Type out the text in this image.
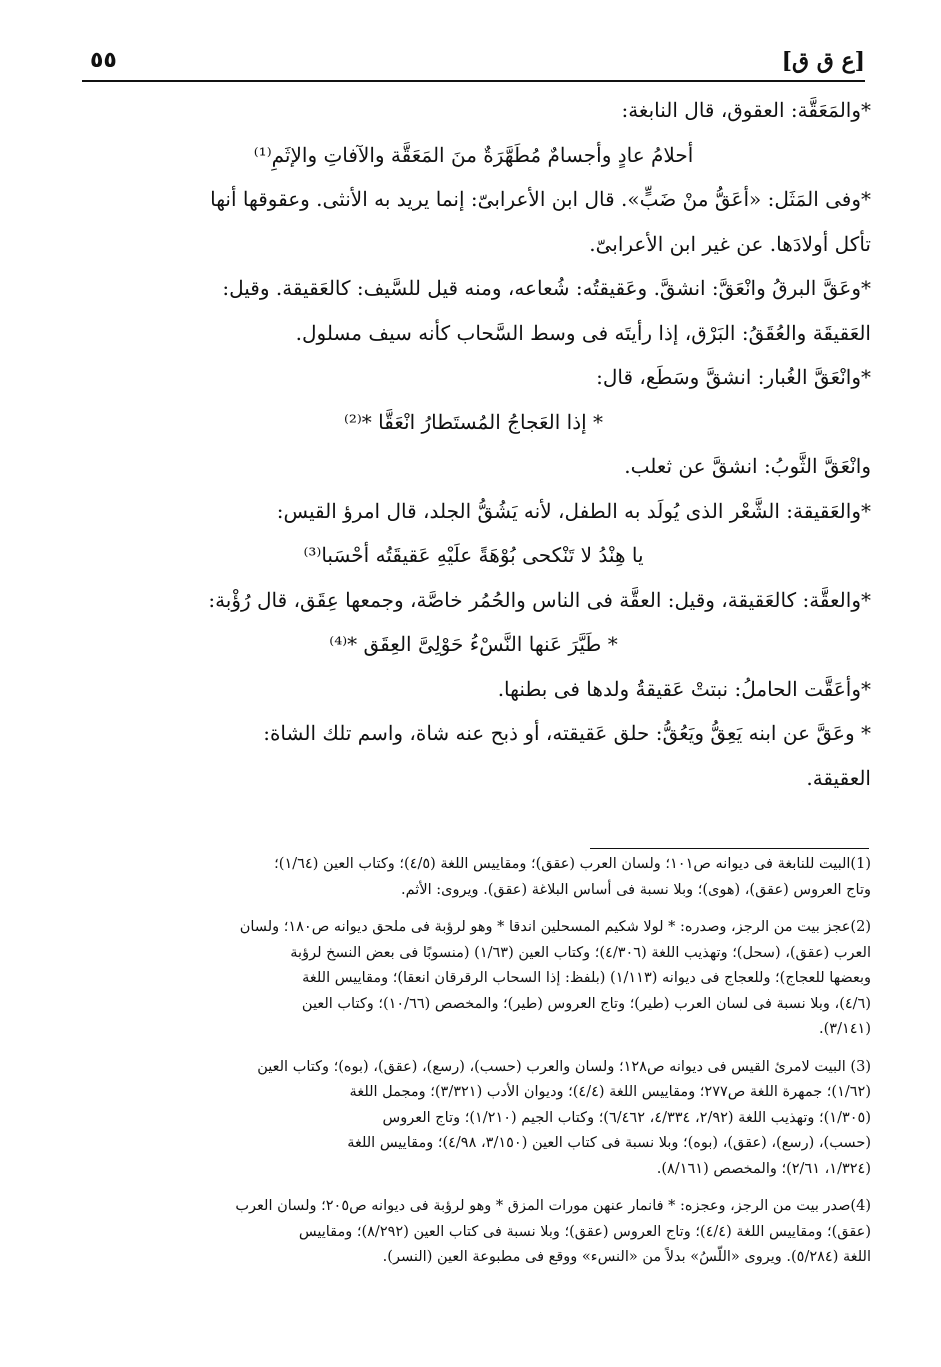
٥٥	[ع ق ق]
*والمَعَقَّة: العقوق، قال النابغة:
أحلامُ عادٍ وأجسامٌ مُطَهَّرَةٌ منَ المَعَقَّة والآفاتِ والإثَمِ⁽¹⁾
*وفى المَثَل: «أعَقُّ منْ ضَبٍّ». قال ابن الأعرابىّ: إنما يريد به الأنثى. وعقوقها أنها
تأكل أولادَها. عن غير ابن الأعرابىّ.
*وعَقَّ البرقُ وانْعَقَّ: انشقَّ. وعَقيقتُه: شُعاعه، ومنه قيل للسَّيف: كالعَقيقة. وقيل:
العَقيقَة والعُقَقُ: البَرْق، إذا رأيتَه فى وسط السَّحاب كأنه سيف مسلول.
*وانْعَقَّ الغُبار: انشقَّ وسَطَع، قال:
* إذا العَجاجُ المُستَطارُ انْعَقَّا *⁽²⁾
وانْعَقَّ الثَّوبُ: انشقَّ عن ثعلب.
*والعَقيقة: الشَّعْر الذى يُولَد به الطفل، لأنه يَشُقُّ الجلد، قال امرؤ القيس:
يا هِنْدُ لا تَنْكحى بُوْهَةً علَيْهِ عَقيقَتُه أحْسَبا⁽³⁾
*والعقَّة: كالعَقيقة، وقيل: العقَّة فى الناس والحُمُر خاصَّة، وجمعها عِقَق، قال رُؤْبة:
* طَيَّرَ عَنها النَّسْءُ حَوْلِىَّ العِقَق *⁽⁴⁾
*وأعَقَّت الحاملُ: نبتتْ عَقيقةُ ولدها فى بطنها.
* وعَقَّ عن ابنه يَعِقُّ ويَعُقُّ: حلق عَقيقته، أو ذبح عنه شاة، واسم تلك الشاة:
العقيقة.
(1)البيت للنابغة فى ديوانه ص١٠١؛ ولسان العرب (عقق)؛ ومقاييس اللغة (٤/٥)؛ وكتاب العين (١/٦٤)؛
وتاج العروس (عقق)، (هوى)؛ وبلا نسبة فى أساس البلاغة (عقق). ويروى: الأثم.
(2)عجز بيت من الرجز، وصدره: * لولا شكيم المسحلين اندقا * وهو لرؤبة فى ملحق ديوانه ص١٨٠؛ ولسان
العرب (عقق)، (سحل)؛ وتهذيب اللغة (٤/٣٠٦)؛ وكتاب العين (١/٦٣) (منسوبًا فى بعض النسخ لرؤبة
وبعضها للعجاج)؛ وللعجاج فى ديوانه (١/١١٣) (بلفظ: إذا السحاب الرقرقان انعقا)؛ ومقاييس اللغة
(٤/٦)، وبلا نسبة فى لسان العرب (طير)؛ وتاج العروس (طير)؛ والمخصص (١٠/٦٦)؛ وكتاب العين
(٣/١٤١).
(3) البيت لامرئ القيس فى ديوانه ص١٢٨؛ ولسان والعرب (حسب)، (رسع)، (عقق)، (بوه)؛ وكتاب العين
(١/٦٢)؛ جمهرة اللغة ص٢٧٧؛ ومقاييس اللغة (٤/٤)؛ وديوان الأدب (٣/٣٢١)؛ ومجمل اللغة
(١/٣٠٥)؛ وتهذيب اللغة (٢/٩٢، ٤/٣٣٤، ٦/٤٦٢)؛ وكتاب الجيم (١/٢١٠)؛ وتاج العروس
(حسب)، (رسع)، (عقق)، (بوه)؛ وبلا نسبة فى كتاب العين (٣/١٥٠، ٤/٩٨)؛ ومقاييس اللغة
(١/٣٢٤، ٢/٦١)؛ والمخصص (٨/١٦١).
(4)صدر بيت من الرجز، وعجزه: * فانمار عنهن مورات المزق * وهو لرؤبة فى ديوانه ص٢٠٥؛ ولسان العرب
(عقق)؛ ومقاييس اللغة (٤/٤)؛ وتاج العروس (عقق)؛ وبلا نسبة فى كتاب العين (٨/٢٩٢)؛ ومقاييس
اللغة (٥/٢٨٤). ويروى «اللَّسُ» بدلاً من «النسء» ووقع فى مطبوعة العين (النسر).
